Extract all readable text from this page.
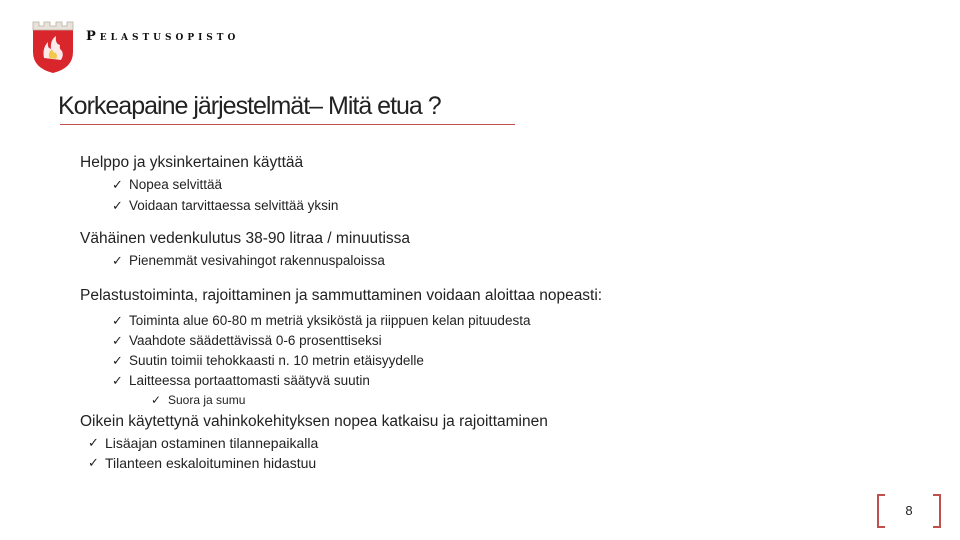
Pelastusopisto
Korkeapaine järjestelmät– Mitä etua ?

Helppo ja yksinkertainen käyttää

✓ Nopea selvittää
✓ Voidaan tarvittaessa selvittää yksin

Vähäinen vedenkulutus 38-90 litraa / minuutissa

✓ Pienemmät vesivahingot rakennuspaloissa

Pelastustoiminta, rajoittaminen ja sammuttaminen voidaan aloittaa nopeasti:

✓ Toiminta alue 60-80 m metriä yksiköstä ja riippuen kelan pituudesta
✓ Vaahdote säädettävissä 0-6 prosenttiseksi
✓ Suutin toimii tehokkaasti n. 10 metrin etäisyydelle
✓ Laitteessa portaattomasti säätyvä suutin
✓ Suora ja sumu

Oikein käytettynä vahinkokehityksen nopea katkaisu ja rajoittaminen

✓ Lisäajan ostaminen tilannepaikalla
✓ Tilanteen eskaloituminen hidastuu
8
